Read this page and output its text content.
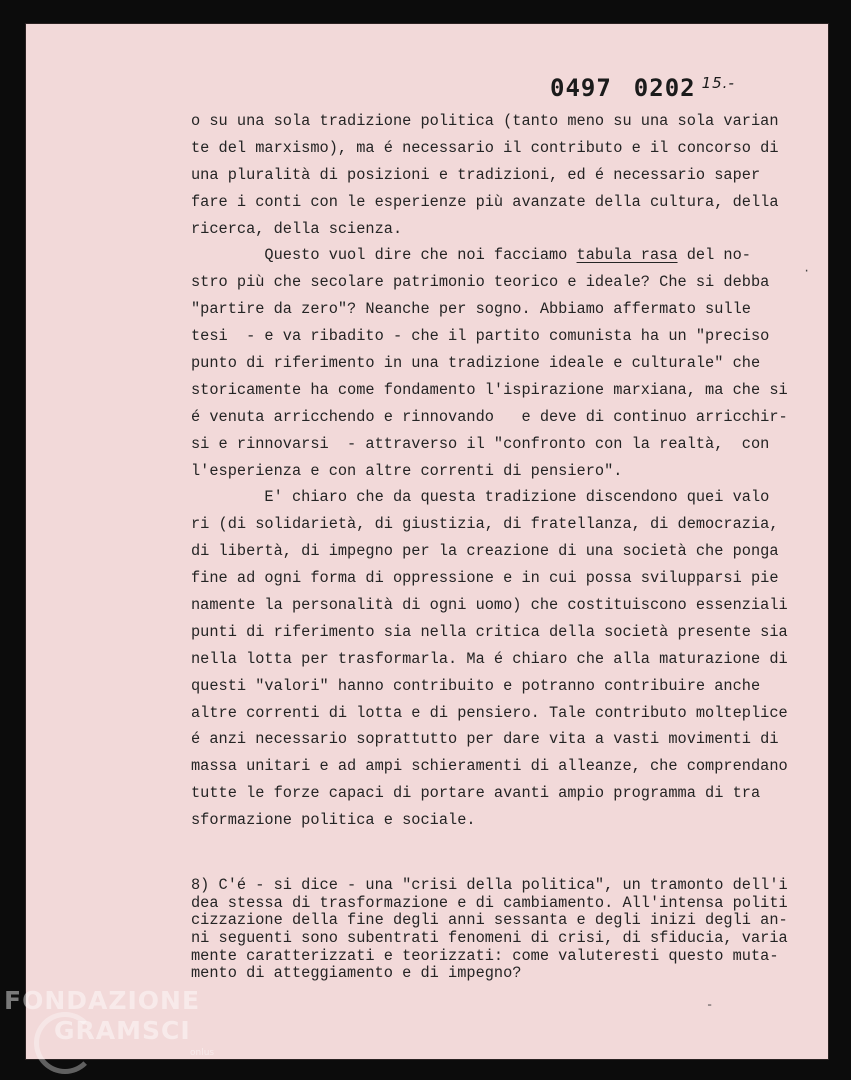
0497 0202 $^{15.-}$
o su una sola tradizione politica (tanto meno su una sola varian
te del marxismo), ma é necessario il contributo e il concorso di
una pluralità di posizioni e tradizioni, ed é necessario saper
fare i conti con le esperienze più avanzate della cultura, della
ricerca, della scienza.
Questo vuol dire che noi facciamo tabula rasa del no-
stro più che secolare patrimonio teorico e ideale? Che si debba
"partire da zero"? Neanche per sogno. Abbiamo affermato sulle
tesi  - e va ribadito - che il partito comunista ha un "preciso
punto di riferimento in una tradizione ideale e culturale" che
storicamente ha come fondamento l'ispirazione marxiana, ma che si
é venuta arricchendo e rinnovando   e deve di continuo arricchir-
si e rinnovarsi  - attraverso il "confronto con la realtà,  con
l'esperienza e con altre correnti di pensiero".
E' chiaro che da questa tradizione discendono quei valo
ri (di solidarietà, di giustizia, di fratellanza, di democrazia,
di libertà, di impegno per la creazione di una società che ponga
fine ad ogni forma di oppressione e in cui possa svilupparsi pie
namente la personalità di ogni uomo) che costituiscono essenziali
punti di riferimento sia nella critica della società presente sia
nella lotta per trasformarla. Ma é chiaro che alla maturazione di
questi "valori" hanno contribuito e potranno contribuire anche
altre correnti di lotta e di pensiero. Tale contributo molteplice
é anzi necessario soprattutto per dare vita a vasti movimenti di
massa unitari e ad ampi schieramenti di alleanze, che comprendano
tutte le forze capaci di portare avanti ampio programma di tra
sformazione politica e sociale.
8) C'é - si dice - una "crisi della politica", un tramonto dell'i
dea stessa di trasformazione e di cambiamento. All'intensa politi
cizzazione della fine degli anni sessanta e degli inizi degli an-
ni seguenti sono subentrati fenomeni di crisi, di sfiducia, varia
mente caratterizzati e teorizzati: come valuteresti questo muta-
mento di atteggiamento e di impegno?
·
-
FONDAZIONE
GRAMSCI
onlus
